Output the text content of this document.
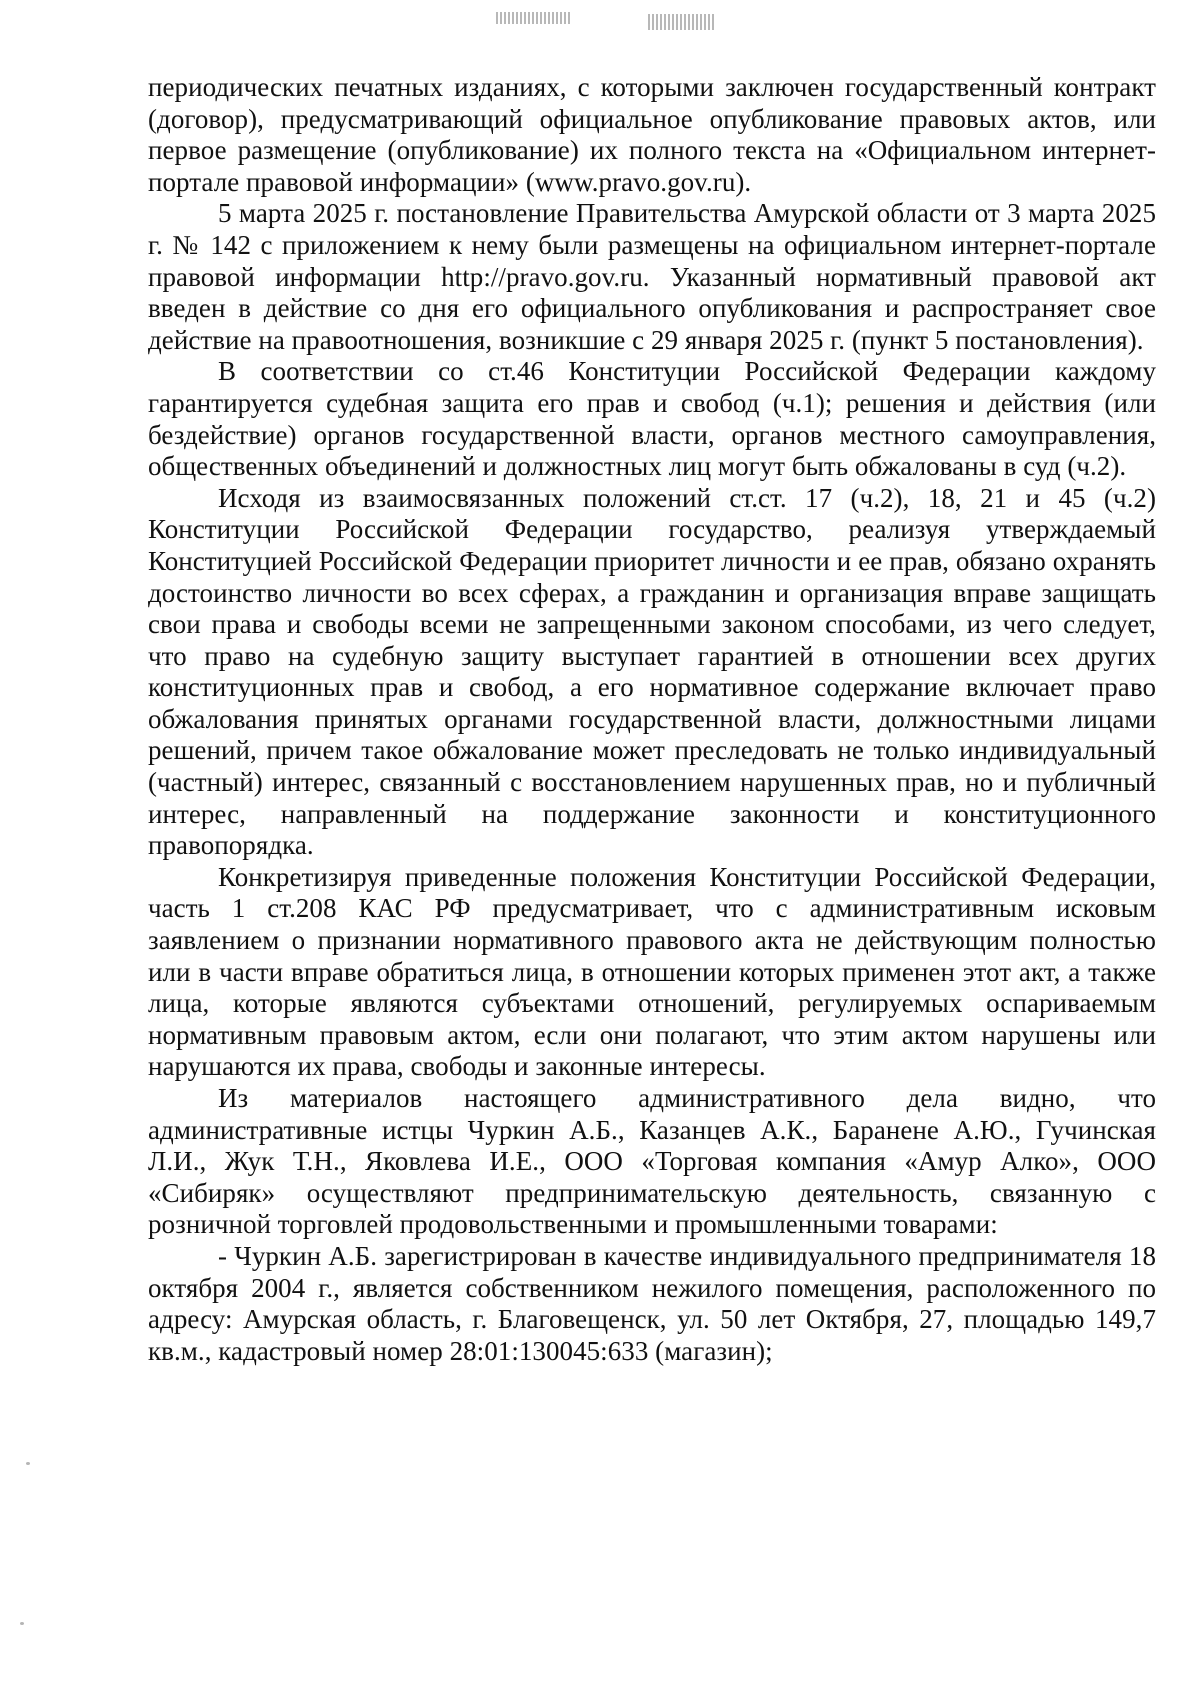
периодических печатных изданиях, с которыми заключен государственный контракт (договор), предусматривающий официальное опубликование правовых актов, или первое размещение (опубликование) их полного текста на «Официальном интернет-портале правовой информации» (www.pravo.gov.ru).

5 марта 2025 г. постановление Правительства Амурской области от 3 марта 2025 г. № 142 с приложением к нему были размещены на официальном интернет-портале правовой информации http://pravo.gov.ru. Указанный нормативный правовой акт введен в действие со дня его официального опубликования и распространяет свое действие на правоотношения, возникшие с 29 января 2025 г. (пункт 5 постановления).

В соответствии со ст.46 Конституции Российской Федерации каждому гарантируется судебная защита его прав и свобод (ч.1); решения и действия (или бездействие) органов государственной власти, органов местного самоуправления, общественных объединений и должностных лиц могут быть обжалованы в суд (ч.2).

Исходя из взаимосвязанных положений ст.ст. 17 (ч.2), 18, 21 и 45 (ч.2) Конституции Российской Федерации государство, реализуя утверждаемый Конституцией Российской Федерации приоритет личности и ее прав, обязано охранять достоинство личности во всех сферах, а гражданин и организация вправе защищать свои права и свободы всеми не запрещенными законом способами, из чего следует, что право на судебную защиту выступает гарантией в отношении всех других конституционных прав и свобод, а его нормативное содержание включает право обжалования принятых органами государственной власти, должностными лицами решений, причем такое обжалование может преследовать не только индивидуальный (частный) интерес, связанный с восстановлением нарушенных прав, но и публичный интерес, направленный на поддержание законности и конституционного правопорядка.

Конкретизируя приведенные положения Конституции Российской Федерации, часть 1 ст.208 КАС РФ предусматривает, что с административным исковым заявлением о признании нормативного правового акта не действующим полностью или в части вправе обратиться лица, в отношении которых применен этот акт, а также лица, которые являются субъектами отношений, регулируемых оспариваемым нормативным правовым актом, если они полагают, что этим актом нарушены или нарушаются их права, свободы и законные интересы.

Из материалов настоящего административного дела видно, что административные истцы Чуркин А.Б., Казанцев А.К., Бараненe А.Ю., Гучинская Л.И., Жук Т.Н., Яковлева И.Е., ООО «Торговая компания «Амур Алко», ООО «Сибиряк» осуществляют предпринимательскую деятельность, связанную с розничной торговлей продовольственными и промышленными товарами:

- Чуркин А.Б. зарегистрирован в качестве индивидуального предпринимателя 18 октября 2004 г., является собственником нежилого помещения, расположенного по адресу: Амурская область, г. Благовещенск, ул. 50 лет Октября, 27, площадью 149,7 кв.м., кадастровый номер 28:01:130045:633 (магазин);
